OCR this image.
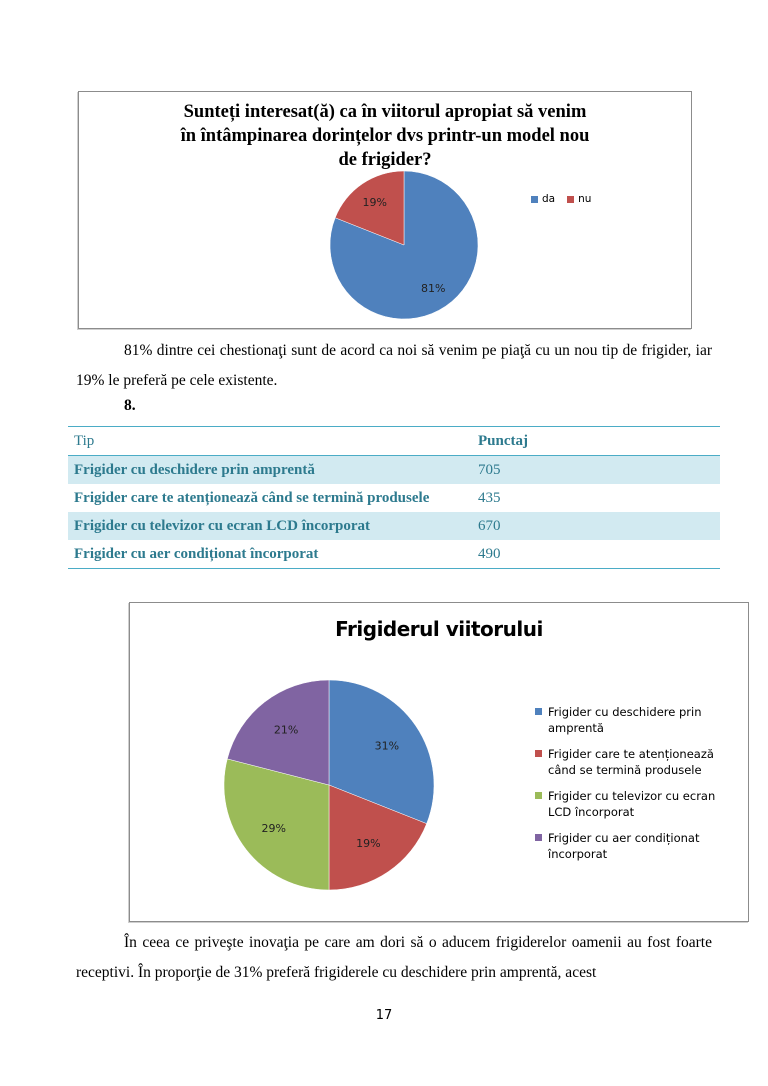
Sunteți interesat(ă) ca în viitorul apropiat să venim în întâmpinarea dorințelor dvs printr-un model nou de frigider?
81%
19%	da nu
81% dintre cei chestionaţi sunt de acord ca noi să venim pe piaţă cu un nou tip de frigider, iar 19% le preferă pe cele existente.
8.
Tip	Punctaj
Frigider cu deschidere prin amprentă	705
Frigider care te atenționează când se termină produsele	435
Frigider cu televizor cu ecran LCD încorporat	670
Frigider cu aer condiționat încorporat	490
Frigiderul viitorului
31%
19%
29%
21%
Frigider cu deschidere prin amprentă
Frigider care te atenționează când se termină produsele
Frigider cu televizor cu ecran LCD încorporat
Frigider cu aer condiționat încorporat
În ceea ce priveşte inovaţia pe care am dori să o aducem frigiderelor oamenii au fost foarte receptivi. În proporţie de 31% preferă frigiderele cu deschidere prin amprentă, acest
17
